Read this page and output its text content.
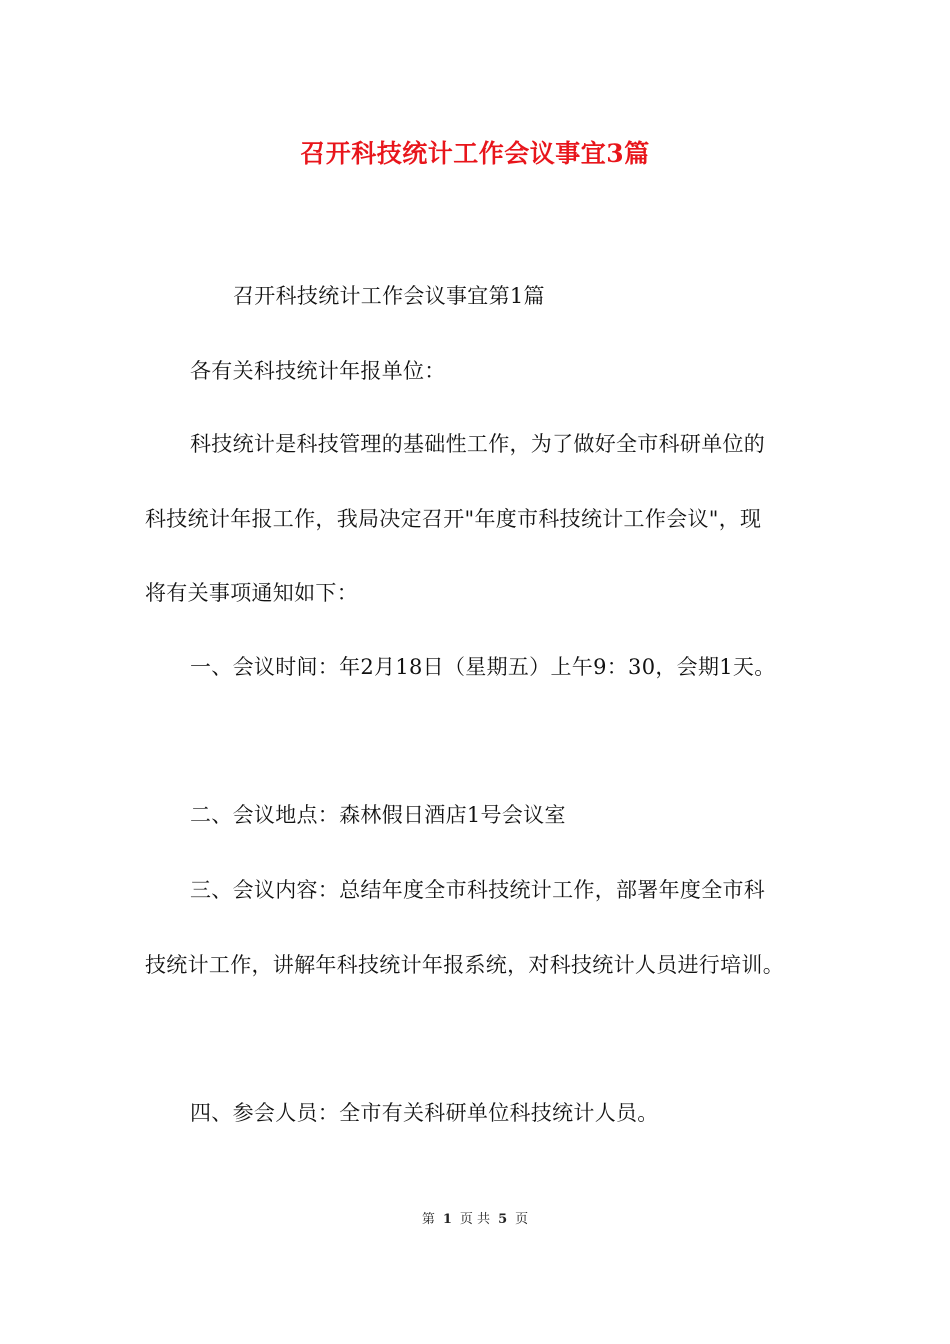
召开科技统计工作会议事宜3篇
召开科技统计工作会议事宜第1篇
各有关科技统计年报单位：
科技统计是科技管理的基础性工作，为了做好全市科研单位的
科技统计年报工作，我局决定召开"年度市科技统计工作会议"，现
将有关事项通知如下：
一、会议时间：年2月18日（星期五）上午9：30，会期1天。
二、会议地点：森林假日酒店1号会议室
三、会议内容：总结年度全市科技统计工作，部署年度全市科
技统计工作，讲解年科技统计年报系统，对科技统计人员进行培训。
四、参会人员：全市有关科研单位科技统计人员。
第 1 页 共 5 页
